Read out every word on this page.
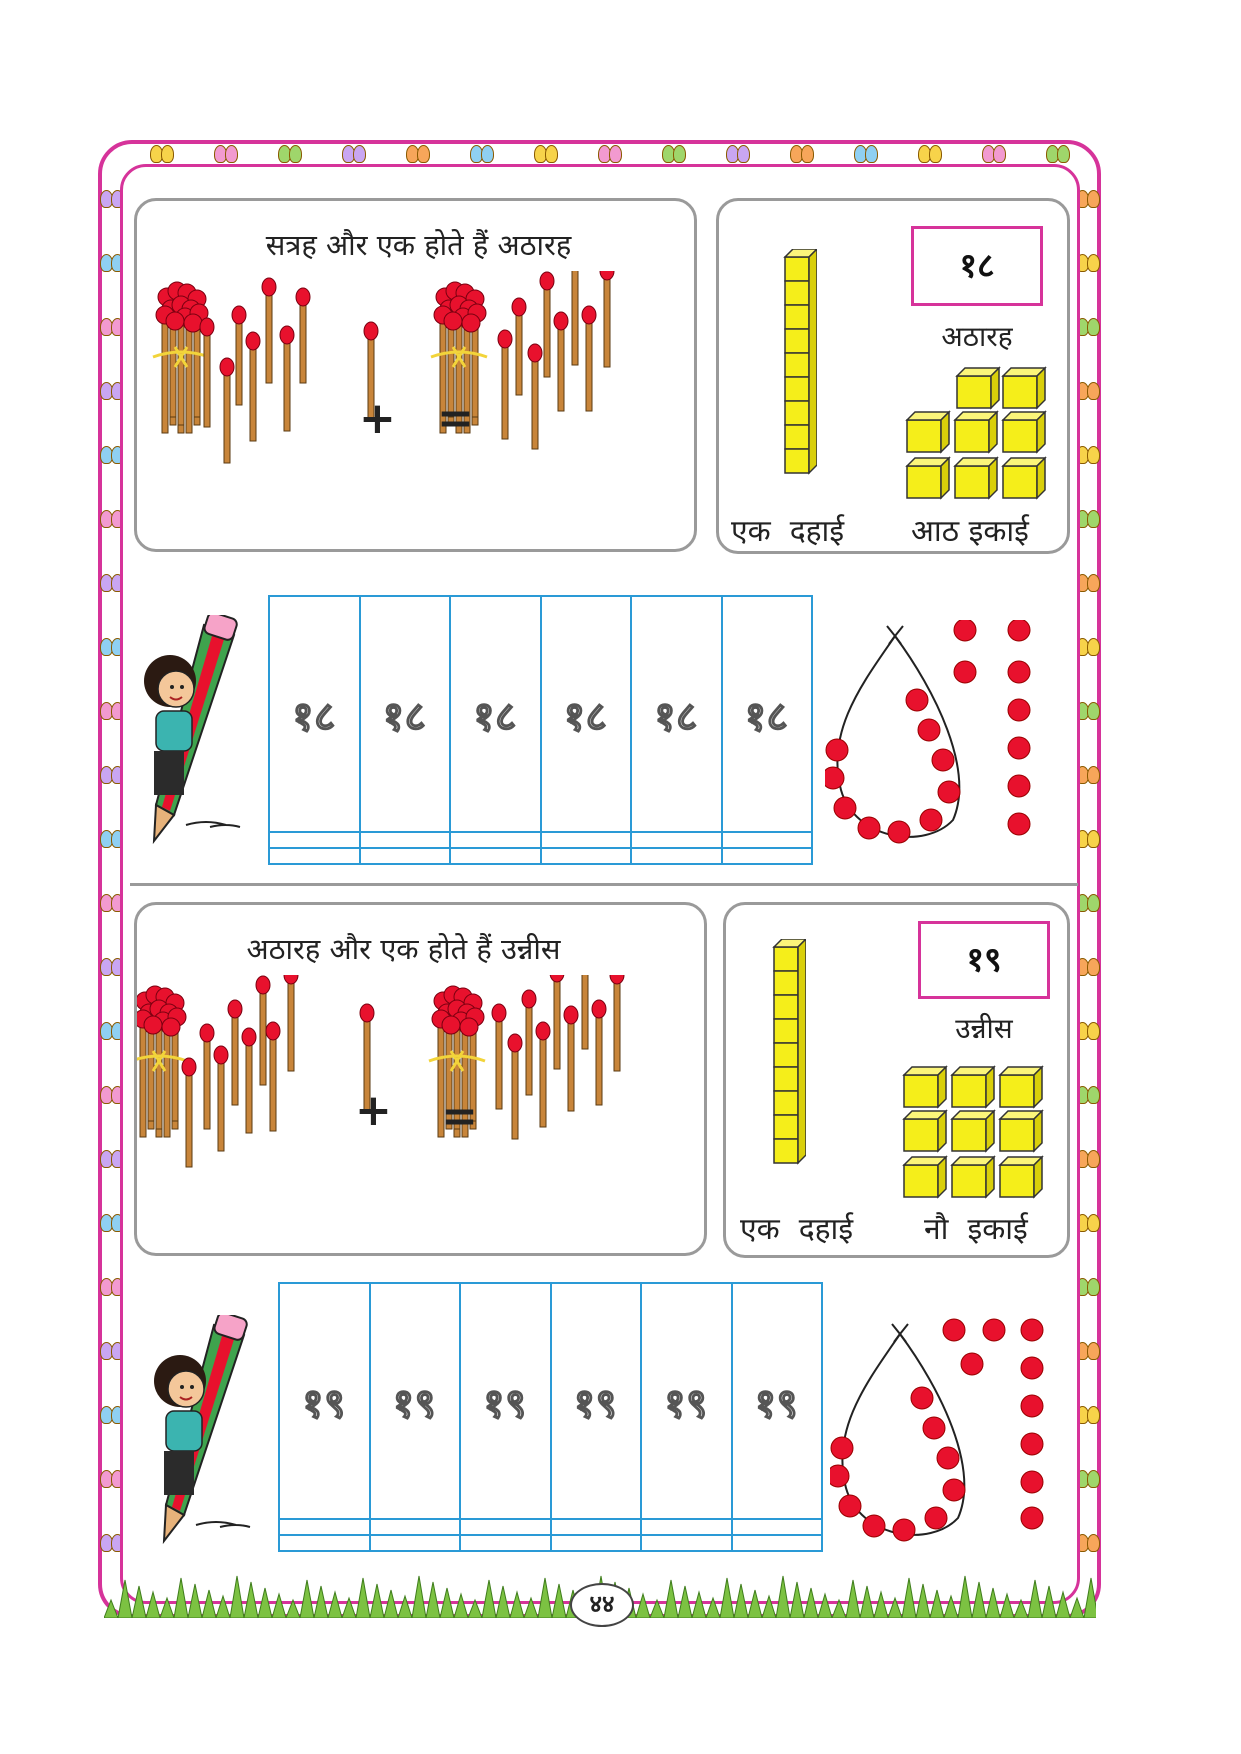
सत्रह और एक होते हैं अठारह
+ =
१८
अठारह
एक  दहाई आठ इकाई
१८	१८	१८	१८	१८	१८

अठारह और एक होते हैं उन्नीस
+ =
१९
उन्नीस
एक  दहाई नौ  इकाई
१९	१९	१९	१९	१९	१९

४४
